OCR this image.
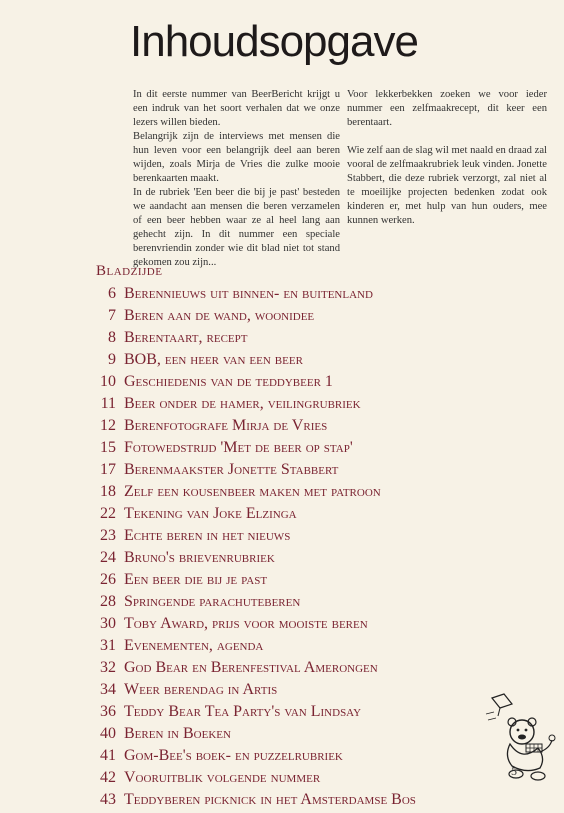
Inhoudsopgave

In dit eerste nummer van BeerBericht krijgt u een indruk van het soort verhalen dat we onze lezers willen bieden.

Belangrijk zijn de interviews met mensen die hun leven voor een belangrijk deel aan beren wijden, zoals Mirja de Vries die zulke mooie berenkaarten maakt.

In de rubriek 'Een beer die bij je past' besteden we aandacht aan mensen die beren verzamelen of een beer hebben waar ze al heel lang aan gehecht zijn. In dit nummer een speciale berenvriendin zonder wie dit blad niet tot stand gekomen zou zijn...

Voor lekkerbekken zoeken we voor ieder nummer een zelfmaakrecept, dit keer een berentaart.

Wie zelf aan de slag wil met naald en draad zal vooral de zelfmaakrubriek leuk vinden. Jonette Stabbert, die deze rubriek verzorgt, zal niet al te moeilijke projecten bedenken zodat ook kinderen er, met hulp van hun ouders, mee kunnen werken.

Bladzijde
6 Berennieuws uit binnen- en buitenland
7 Beren aan de wand, woonidee
8 Berentaart, recept
9 BOB, een heer van een beer
10 Geschiedenis van de teddybeer 1
11 Beer onder de hamer, veilingrubriek
12 Berenfotografe Mirja de Vries
15 Fotowedstrijd 'Met de beer op stap'
17 Berenmaakster Jonette Stabbert
18 Zelf een kousenbeer maken met patroon
22 Tekening van Joke Elzinga
23 Echte beren in het nieuws
24 Bruno's brievenrubriek
26 Een beer die bij je past
28 Springende parachuteberen
30 Toby Award, prijs voor mooiste beren
31 Evenementen, agenda
32 God Bear en Berenfestival Amerongen
34 Weer berendag in Artis
36 Teddy Bear Tea Party's van Lindsay
40 Beren in Boeken
41 Gom-Bee's boek- en puzzelrubriek
42 Vooruitblik volgende nummer
43 Teddyberen picknick in het Amsterdamse Bos
5
